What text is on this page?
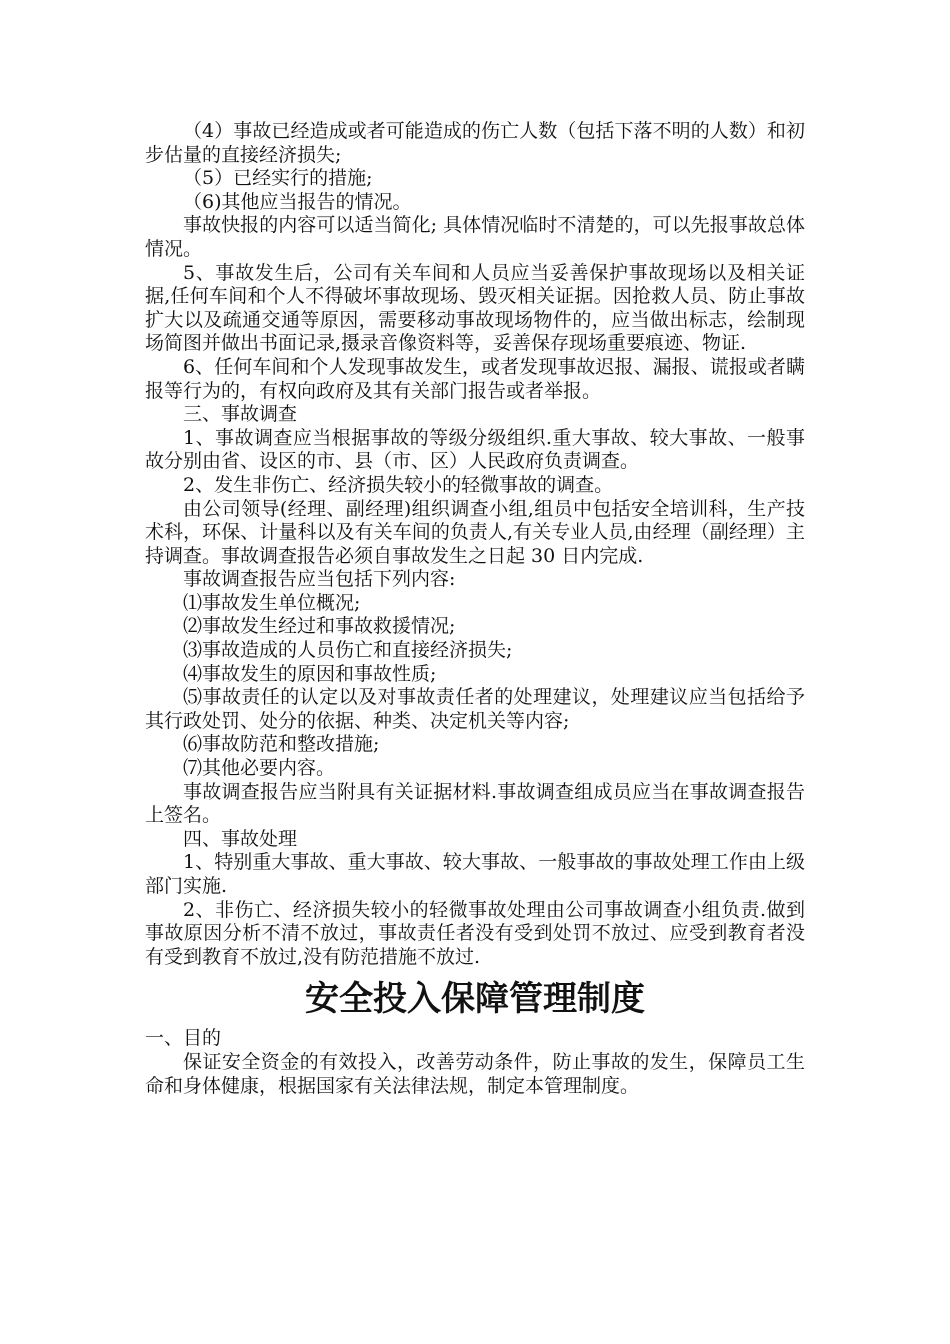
（4）事故已经造成或者可能造成的伤亡人数（包括下落不明的人数）和初步估量的直接经济损失;

（5）已经实行的措施;

（6)其他应当报告的情况。

事故快报的内容可以适当简化; 具体情况临时不清楚的，可以先报事故总体情况。

5、事故发生后，公司有关车间和人员应当妥善保护事故现场以及相关证据,任何车间和个人不得破坏事故现场、毁灭相关证据。因抢救人员、防止事故扩大以及疏通交通等原因，需要移动事故现场物件的，应当做出标志，绘制现场简图并做出书面记录,摄录音像资料等，妥善保存现场重要痕迹、物证.

6、任何车间和个人发现事故发生，或者发现事故迟报、漏报、谎报或者瞒报等行为的，有权向政府及其有关部门报告或者举报。

三、事故调查

1、事故调查应当根据事故的等级分级组织.重大事故、较大事故、一般事故分别由省、设区的市、县（市、区）人民政府负责调查。

2、发生非伤亡、经济损失较小的轻微事故的调查。

由公司领导(经理、副经理)组织调查小组,组员中包括安全培训科，生产技术科，环保、计量科以及有关车间的负责人,有关专业人员,由经理（副经理）主持调查。事故调查报告必须自事故发生之日起 30 日内完成.

事故调查报告应当包括下列内容:

⑴事故发生单位概况;

⑵事故发生经过和事故救援情况;

⑶事故造成的人员伤亡和直接经济损失;

⑷事故发生的原因和事故性质;

⑸事故责任的认定以及对事故责任者的处理建议，处理建议应当包括给予其行政处罚、处分的依据、种类、决定机关等内容;

⑹事故防范和整改措施;

⑺其他必要内容。

事故调查报告应当附具有关证据材料.事故调查组成员应当在事故调查报告上签名。

四、事故处理

1、特别重大事故、重大事故、较大事故、一般事故的事故处理工作由上级部门实施.

2、非伤亡、经济损失较小的轻微事故处理由公司事故调查小组负责.做到事故原因分析不清不放过，事故责任者没有受到处罚不放过、应受到教育者没有受到教育不放过,没有防范措施不放过.

安全投入保障管理制度

一、目的

保证安全资金的有效投入，改善劳动条件，防止事故的发生，保障员工生命和身体健康，根据国家有关法律法规，制定本管理制度。
